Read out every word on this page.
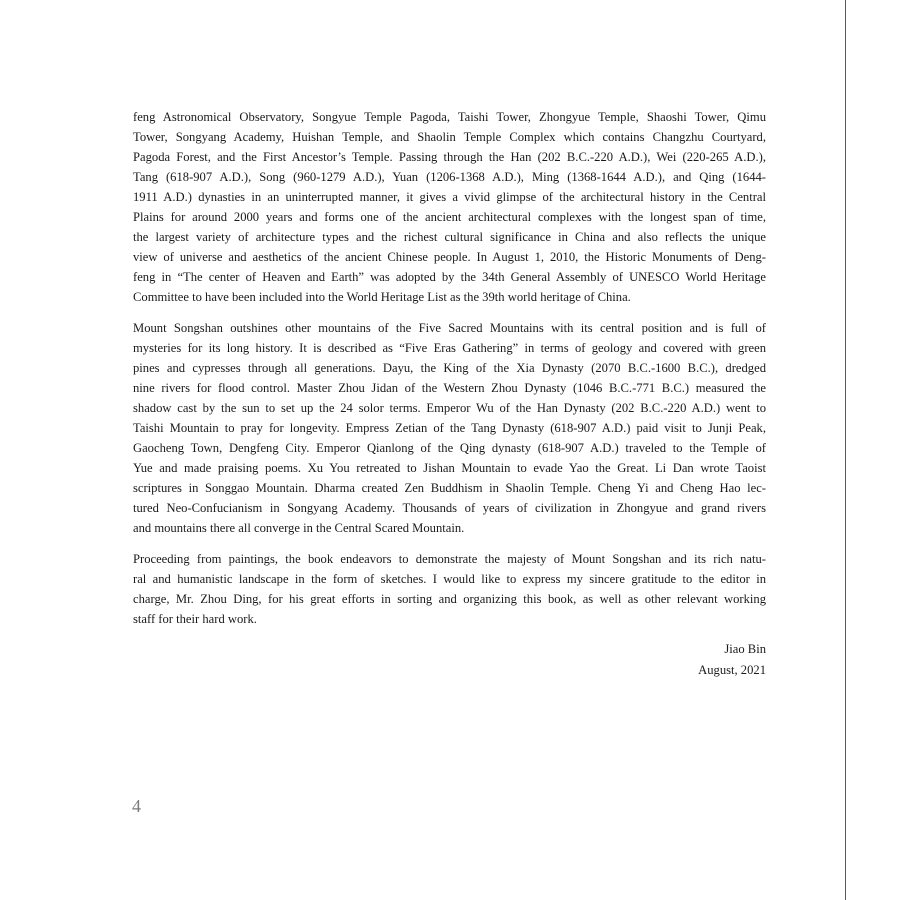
feng Astronomical Observatory, Songyue Temple Pagoda, Taishi Tower, Zhongyue Temple, Shaoshi Tower, Qimu
Tower, Songyang Academy, Huishan Temple, and Shaolin Temple Complex which contains Changzhu Courtyard,
Pagoda Forest, and the First Ancestor’s Temple. Passing through the Han (202 B.C.-220 A.D.), Wei (220-265 A.D.),
Tang (618-907 A.D.), Song (960-1279 A.D.), Yuan (1206-1368 A.D.), Ming (1368-1644 A.D.), and Qing (1644-
1911 A.D.) dynasties in an uninterrupted manner, it gives a vivid glimpse of the architectural history in the Central
Plains for around 2000 years and forms one of the ancient architectural complexes with the longest span of time,
the largest variety of architecture types and the richest cultural significance in China and also reflects the unique
view of universe and aesthetics of the ancient Chinese people. In August 1, 2010, the Historic Monuments of Deng-
feng in “The center of Heaven and Earth” was adopted by the 34th General Assembly of UNESCO World Heritage
Committee to have been included into the World Heritage List as the 39th world heritage of China.

Mount Songshan outshines other mountains of the Five Sacred Mountains with its central position and is full of
mysteries for its long history. It is described as “Five Eras Gathering” in terms of geology and covered with green
pines and cypresses through all generations. Dayu, the King of the Xia Dynasty (2070 B.C.-1600 B.C.), dredged
nine rivers for flood control. Master Zhou Jidan of the Western Zhou Dynasty (1046 B.C.-771 B.C.) measured the
shadow cast by the sun to set up the 24 solor terms. Emperor Wu of the Han Dynasty (202 B.C.-220 A.D.) went to
Taishi Mountain to pray for longevity. Empress Zetian of the Tang Dynasty (618-907 A.D.) paid visit to Junji Peak,
Gaocheng Town, Dengfeng City. Emperor Qianlong of the Qing dynasty (618-907 A.D.) traveled to the Temple of
Yue and made praising poems. Xu You retreated to Jishan Mountain to evade Yao the Great. Li Dan wrote Taoist
scriptures in Songgao Mountain. Dharma created Zen Buddhism in Shaolin Temple. Cheng Yi and Cheng Hao lec-
tured Neo-Confucianism in Songyang Academy. Thousands of years of civilization in Zhongyue and grand rivers
and mountains there all converge in the Central Scared Mountain.

Proceeding from paintings, the book endeavors to demonstrate the majesty of Mount Songshan and its rich natu-
ral and humanistic landscape in the form of sketches. I would like to express my sincere gratitude to the editor in
charge, Mr. Zhou Ding, for his great efforts in sorting and organizing this book, as well as other relevant working
staff for their hard work.

Jiao Bin
August, 2021
4
